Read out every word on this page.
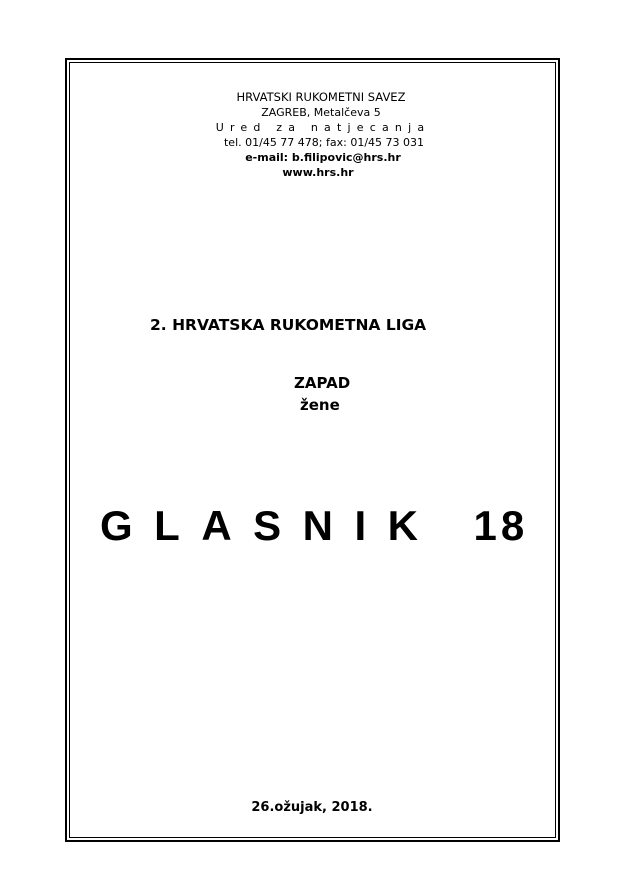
HRVATSKI RUKOMETNI SAVEZ
ZAGREB, Metalčeva 5
Ured za natjecanja
tel. 01/45 77 478; fax: 01/45 73 031
e-mail: b.filipovic@hrs.hr
www.hrs.hr
2. HRVATSKA RUKOMETNA LIGA
ZAPAD
žene
GLASNIK 18
26.ožujak, 2018.
